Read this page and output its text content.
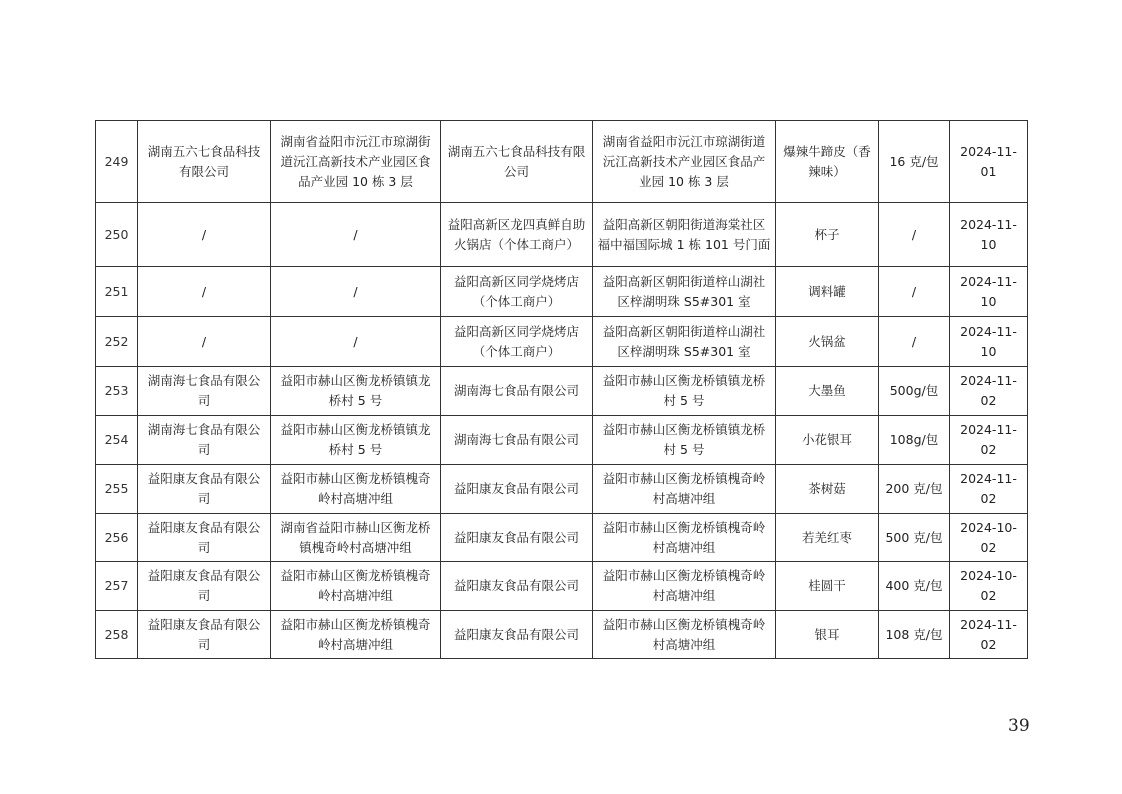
249	湖南五六七食品科技有限公司	湖南省益阳市沅江市琼湖街道沅江高新技术产业园区食品产业园 10 栋 3 层	湖南五六七食品科技有限公司	湖南省益阳市沅江市琼湖街道沅江高新技术产业园区食品产业园 10 栋 3 层	爆辣牛蹄皮（香辣味）	16 克/包	2024-11-01
250	/	/	益阳高新区龙四真鲜自助火锅店（个体工商户）	益阳高新区朝阳街道海棠社区福中福国际城 1 栋 101 号门面	杯子	/	2024-11-10
251	/	/	益阳高新区同学烧烤店（个体工商户）	益阳高新区朝阳街道梓山湖社区梓湖明珠 S5#301 室	调料罐	/	2024-11-10
252	/	/	益阳高新区同学烧烤店（个体工商户）	益阳高新区朝阳街道梓山湖社区梓湖明珠 S5#301 室	火锅盆	/	2024-11-10
253	湖南海七食品有限公司	益阳市赫山区衡龙桥镇镇龙桥村 5 号	湖南海七食品有限公司	益阳市赫山区衡龙桥镇镇龙桥村 5 号	大墨鱼	500g/包	2024-11-02
254	湖南海七食品有限公司	益阳市赫山区衡龙桥镇镇龙桥村 5 号	湖南海七食品有限公司	益阳市赫山区衡龙桥镇镇龙桥村 5 号	小花银耳	108g/包	2024-11-02
255	益阳康友食品有限公司	益阳市赫山区衡龙桥镇槐奇岭村高塘冲组	益阳康友食品有限公司	益阳市赫山区衡龙桥镇槐奇岭村高塘冲组	茶树菇	200 克/包	2024-11-02
256	益阳康友食品有限公司	湖南省益阳市赫山区衡龙桥镇槐奇岭村高塘冲组	益阳康友食品有限公司	益阳市赫山区衡龙桥镇槐奇岭村高塘冲组	若羌红枣	500 克/包	2024-10-02
257	益阳康友食品有限公司	益阳市赫山区衡龙桥镇槐奇岭村高塘冲组	益阳康友食品有限公司	益阳市赫山区衡龙桥镇槐奇岭村高塘冲组	桂圆干	400 克/包	2024-10-02
258	益阳康友食品有限公司	益阳市赫山区衡龙桥镇槐奇岭村高塘冲组	益阳康友食品有限公司	益阳市赫山区衡龙桥镇槐奇岭村高塘冲组	银耳	108 克/包	2024-11-02
39
